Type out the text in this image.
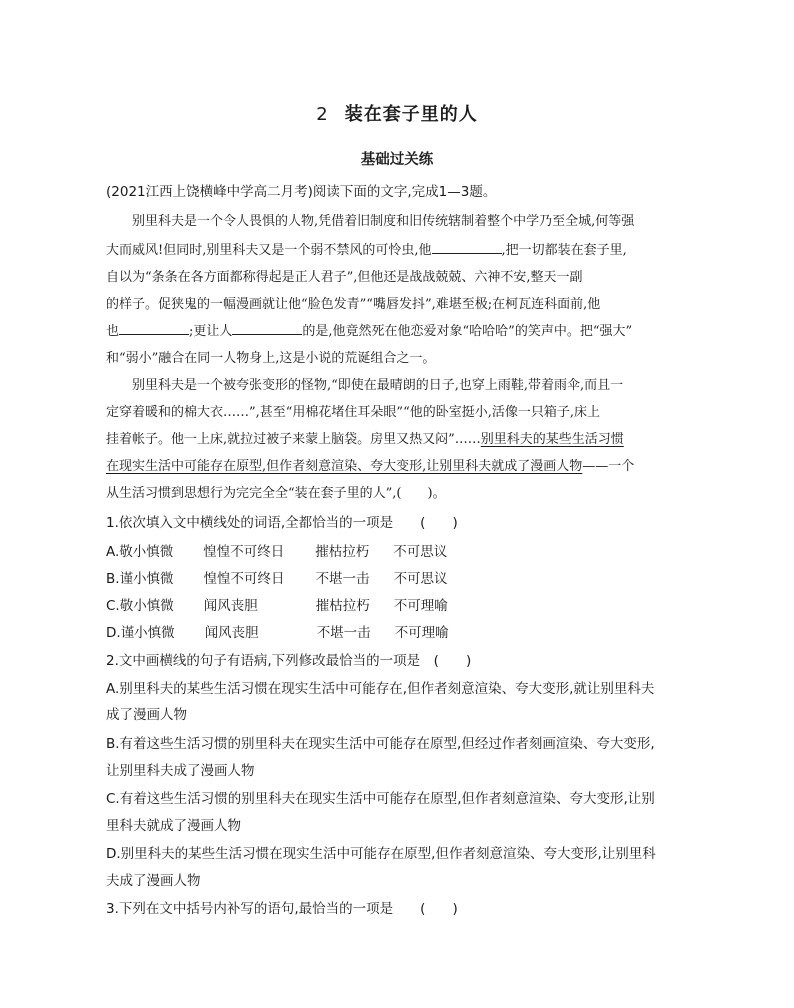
2 装在套子里的人
基础过关练
(2021江西上饶横峰中学高二月考)阅读下面的文字,完成1—3题。
别里科夫是一个令人畏惧的人物,凭借着旧制度和旧传统辖制着整个中学乃至全城,何等强
大而威风!但同时,别里科夫又是一个弱不禁风的可怜虫,他	,把一切都装在套子里,
自以为“条条在各方面都称得起是正人君子”,但他还是战战兢兢、六神不安,整天一副
的样子。促狭鬼的一幅漫画就让他“脸色发青”“嘴唇发抖”,难堪至极;在柯瓦连科面前,他
也	;更让人	的是,他竟然死在他恋爱对象“哈哈哈”的笑声中。把“强大”
和“弱小”融合在同一人物身上,这是小说的荒诞组合之一。
别里科夫是一个被夸张变形的怪物,“即使在最晴朗的日子,也穿上雨鞋,带着雨伞,而且一
定穿着暖和的棉大衣……”,甚至“用棉花堵住耳朵眼”“他的卧室挺小,活像一只箱子,床上
挂着帐子。他一上床,就拉过被子来蒙上脑袋。房里又热又闷”……别里科夫的某些生活习惯
在现实生活中可能存在原型,但作者刻意渲染、夸大变形,让别里科夫就成了漫画人物——一个
从生活习惯到思想行为完完全全“装在套子里的人”,(　　)。
1.依次填入文中横线处的词语,全都恰当的一项是　　(　　)
A.敬小慎微 惶惶不可终日 摧枯拉朽 不可思议
B.谨小慎微 惶惶不可终日 不堪一击 不可思议
C.敬小慎微 闻风丧胆	摧枯拉朽 不可理喻
D.谨小慎微 闻风丧胆	不堪一击 不可理喻
2.文中画横线的句子有语病,下列修改最恰当的一项是　(　　)
A.别里科夫的某些生活习惯在现实生活中可能存在,但作者刻意渲染、夸大变形,就让别里科夫
成了漫画人物
B.有着这些生活习惯的别里科夫在现实生活中可能存在原型,但经过作者刻画渲染、夸大变形,
让别里科夫成了漫画人物
C.有着这些生活习惯的别里科夫在现实生活中可能存在原型,但作者刻意渲染、夸大变形,让别
里科夫就成了漫画人物
D.别里科夫的某些生活习惯在现实生活中可能存在原型,但作者刻意渲染、夸大变形,让别里科
夫成了漫画人物
3.下列在文中括号内补写的语句,最恰当的一项是　　(　　)
